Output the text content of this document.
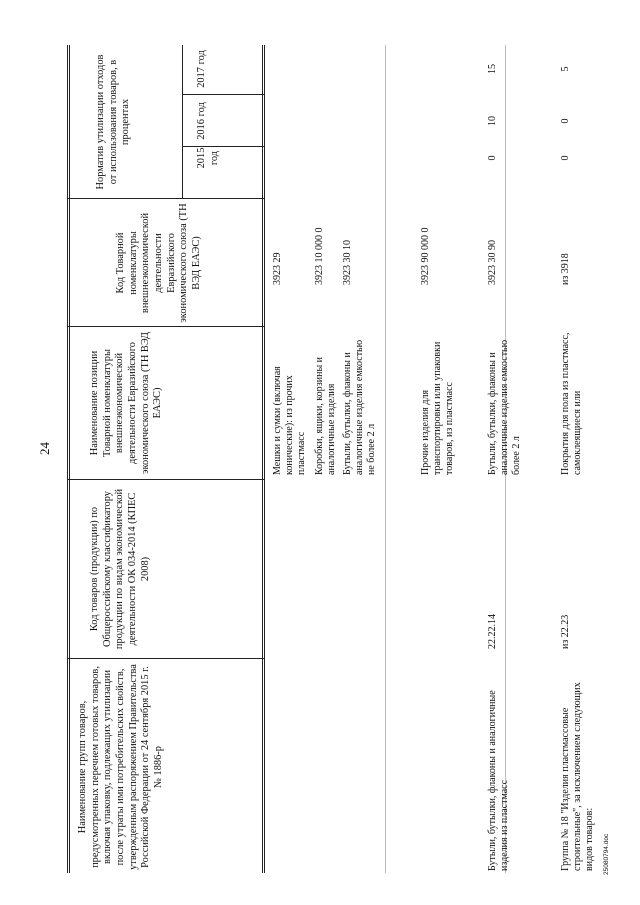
24
Наименование групп товаров, предусмотренных перечнем готовых товаров, включая упаковку, подлежащих утилизации после утраты ими потребительских свойств, утвержденным распоряжением Правительства Российской Федерации от 24 сентября 2015 г. № 1886-р
Код товаров (продукции) по Общероссийскому классификатору продукции по видам экономической деятельности ОК 034-2014 (КПЕС 2008)
Наименование позиции Товарной номенклатуры внешнеэкономической деятельности Евразийского экономического союза (ТН ВЭД ЕАЭС)
Код Товарной номенклатуры внешнеэкономической деятельности Евразийского экономического союза (ТН ВЭД ЕАЭС)
Норматив утилизации отходов от использования товаров, в процентах
2015 год
2016 год
2017 год
Мешки и сумки (включая конические): из прочих пластмасс
3923 29
Коробки, ящики, корзины и аналогичные изделия
3923 10 000 0
Бутыли, бутылки, флаконы и аналогичные изделия емкостью не более 2 л
3923 30 10
Прочие изделия для транспортировки или упаковки товаров, из пластмасс
3923 90 000 0
Бутыли, бутылки, флаконы и аналогичные изделия из пластмасс
22.22.14
Бутыли, бутылки, флаконы и аналогичные изделия емкостью более 2 л
3923 30 90
0
10
15
Группа № 18 "Изделия пластмассовые строительные", за исключением следующих видов товаров:
из 22.23
Покрытия для пола из пластмасс, самоклеящиеся или
из 3918
0
0
5
25080794.doc
